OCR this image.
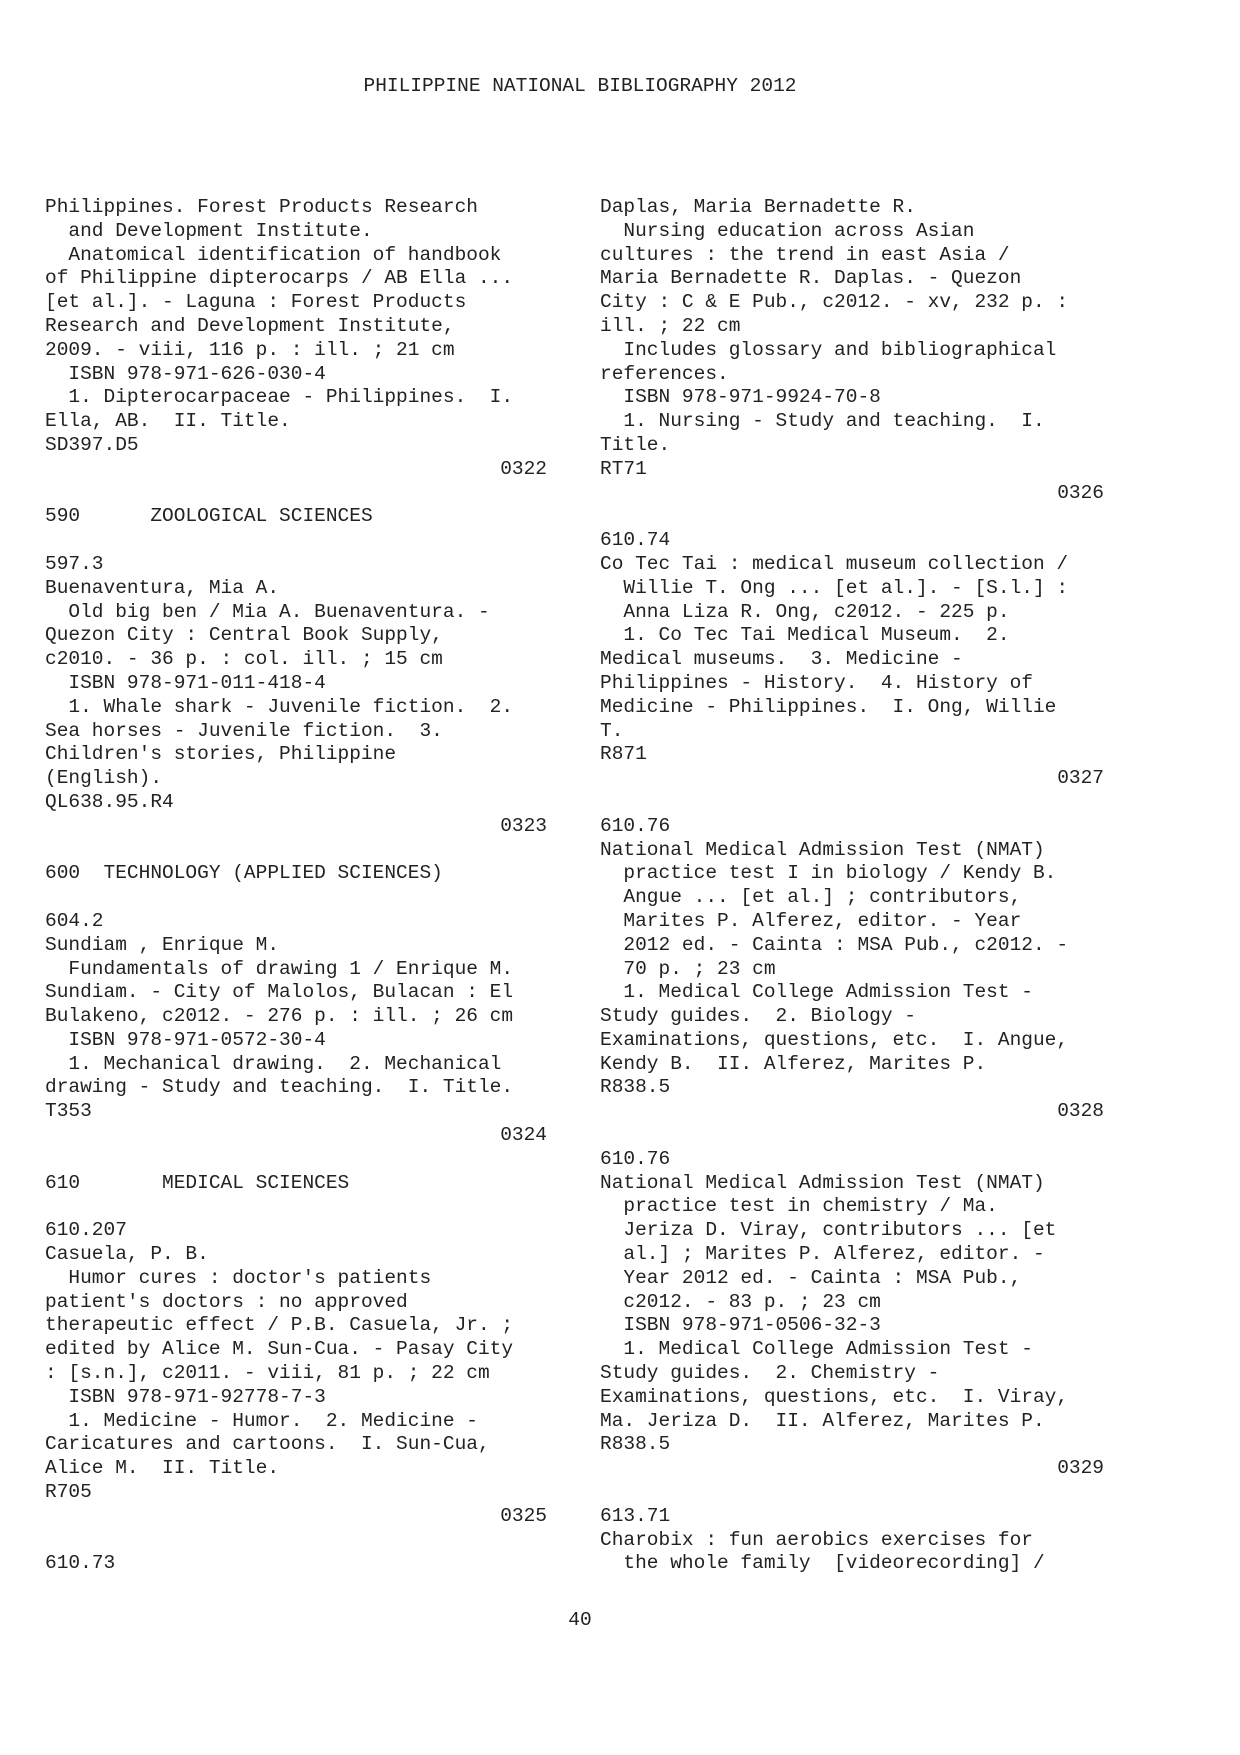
PHILIPPINE NATIONAL BIBLIOGRAPHY 2012
Philippines. Forest Products Research
and Development Institute.
Anatomical identification of handbook
of Philippine dipterocarps / AB Ella ...
[et al.]. - Laguna : Forest Products
Research and Development Institute,
2009. - viii, 116 p. : ill. ; 21 cm
ISBN 978-971-626-030-4
1. Dipterocarpaceae - Philippines.  I.
Ella, AB.  II. Title.
SD397.D5
0322
590      ZOOLOGICAL SCIENCES
597.3
Buenaventura, Mia A.
Old big ben / Mia A. Buenaventura. -
Quezon City : Central Book Supply,
c2010. - 36 p. : col. ill. ; 15 cm
ISBN 978-971-011-418-4
1. Whale shark - Juvenile fiction.  2.
Sea horses - Juvenile fiction.  3.
Children's stories, Philippine
(English).
QL638.95.R4
0323
600  TECHNOLOGY (APPLIED SCIENCES)
604.2
Sundiam , Enrique M.
Fundamentals of drawing 1 / Enrique M.
Sundiam. - City of Malolos, Bulacan : El
Bulakeno, c2012. - 276 p. : ill. ; 26 cm
ISBN 978-971-0572-30-4
1. Mechanical drawing.  2. Mechanical
drawing - Study and teaching.  I. Title.
T353
0324
610       MEDICAL SCIENCES
610.207
Casuela, P. B.
Humor cures : doctor's patients
patient's doctors : no approved
therapeutic effect / P.B. Casuela, Jr. ;
edited by Alice M. Sun-Cua. - Pasay City
: [s.n.], c2011. - viii, 81 p. ; 22 cm
ISBN 978-971-92778-7-3
1. Medicine - Humor.  2. Medicine -
Caricatures and cartoons.  I. Sun-Cua,
Alice M.  II. Title.
R705
0325
610.73
Daplas, Maria Bernadette R.
Nursing education across Asian
cultures : the trend in east Asia /
Maria Bernadette R. Daplas. - Quezon
City : C & E Pub., c2012. - xv, 232 p. :
ill. ; 22 cm
Includes glossary and bibliographical
references.
ISBN 978-971-9924-70-8
1. Nursing - Study and teaching.  I.
Title.
RT71
0326
610.74
Co Tec Tai : medical museum collection /
Willie T. Ong ... [et al.]. - [S.l.] :
Anna Liza R. Ong, c2012. - 225 p.
1. Co Tec Tai Medical Museum.  2.
Medical museums.  3. Medicine -
Philippines - History.  4. History of
Medicine - Philippines.  I. Ong, Willie
T.
R871
0327
610.76
National Medical Admission Test (NMAT)
practice test I in biology / Kendy B.
Angue ... [et al.] ; contributors,
Marites P. Alferez, editor. - Year
2012 ed. - Cainta : MSA Pub., c2012. -
70 p. ; 23 cm
1. Medical College Admission Test -
Study guides.  2. Biology -
Examinations, questions, etc.  I. Angue,
Kendy B.  II. Alferez, Marites P.
R838.5
0328
610.76
National Medical Admission Test (NMAT)
practice test in chemistry / Ma.
Jeriza D. Viray, contributors ... [et
al.] ; Marites P. Alferez, editor. -
Year 2012 ed. - Cainta : MSA Pub.,
c2012. - 83 p. ; 23 cm
ISBN 978-971-0506-32-3
1. Medical College Admission Test -
Study guides.  2. Chemistry -
Examinations, questions, etc.  I. Viray,
Ma. Jeriza D.  II. Alferez, Marites P.
R838.5
0329
613.71
Charobix : fun aerobics exercises for
the whole family  [videorecording] /
40
